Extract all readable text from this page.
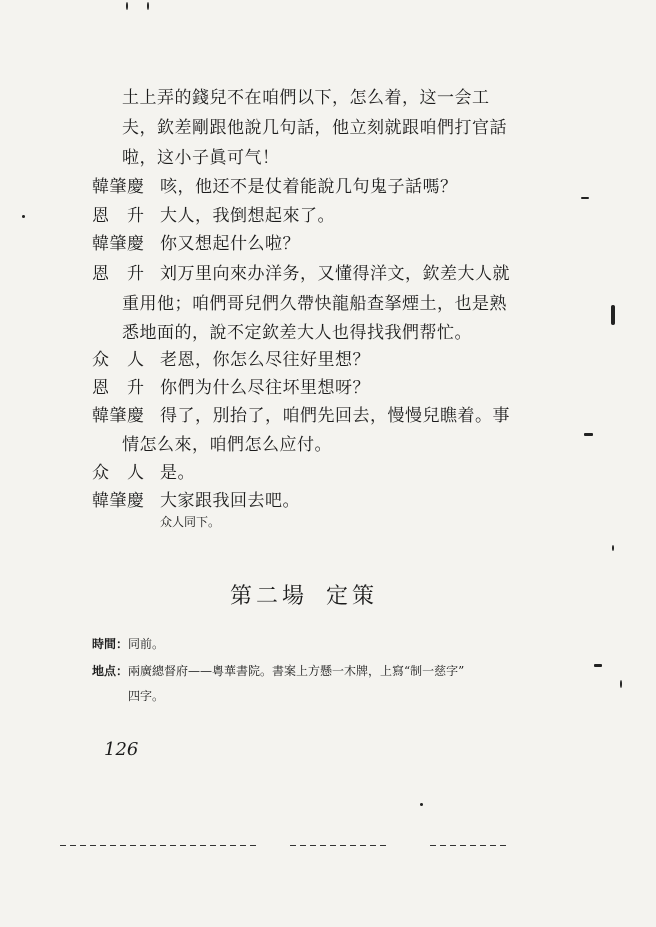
土上弄的錢兒不在咱們以下，怎么着，这一会工
夫，欽差剛跟他說几句話，他立刻就跟咱們打官話
啦，这小子眞可气！
韓肇慶 咳，他还不是仗着能說几句鬼子話嗎？
恩　升 大人，我倒想起來了。
韓肇慶 你又想起什么啦？
恩　升 刘万里向來办洋务，又懂得洋文，欽差大人就
重用他；咱們哥兒們久帶快龍船查拏煙土，也是熟
悉地面的，說不定欽差大人也得找我們帮忙。
众　人 老恩，你怎么尽往好里想？
恩　升 你們为什么尽往坏里想呀？
韓肇慶 得了，別抬了，咱們先回去，慢慢兒瞧着。事
情怎么來，咱們怎么应付。
众　人 是。
韓肇慶 大家跟我回去吧。
众人同下。
第二場 定策
時間：同前。
地点：兩廣總督府——粵華書院。書案上方懸一木牌，上寫“制一慈字”
四字。
126
